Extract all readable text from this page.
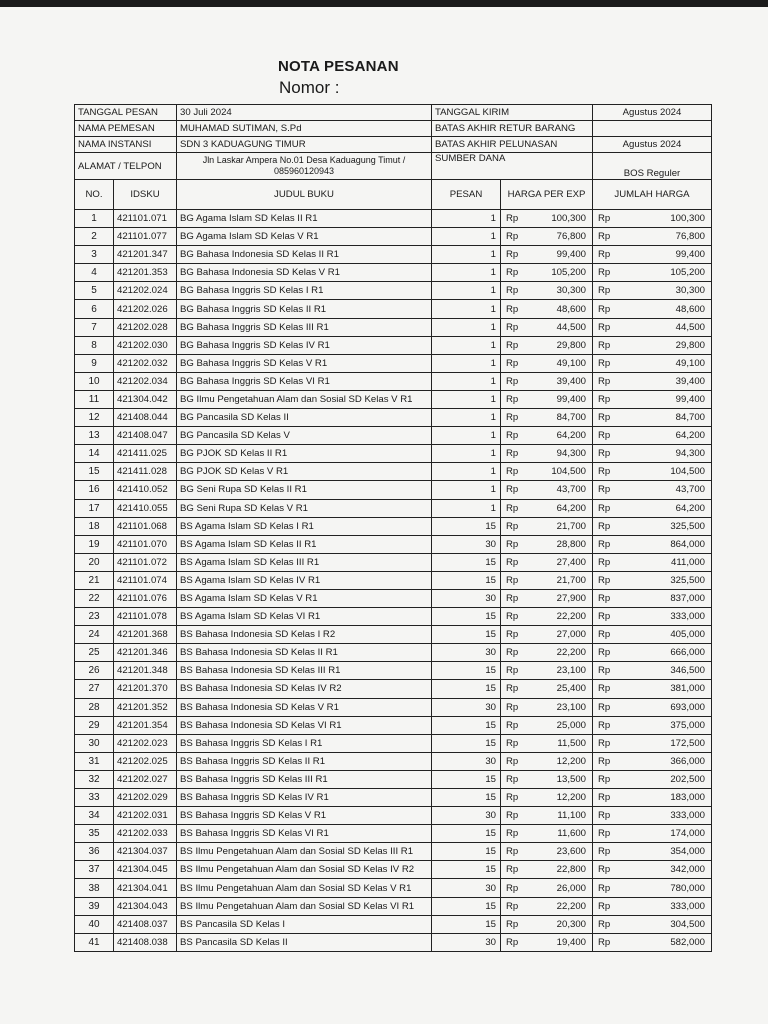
NOTA PESANAN
Nomor :
TANGGAL PESAN		30 Juli 2024	TANGGAL KIRIM			Agustus 2024	
NAMA PEMESAN		MUHAMAD SUTIMAN, S.Pd	BATAS AKHIR RETUR BARANG				
NAMA INSTANSI		SDN 3 KADUAGUNG TIMUR	BATAS AKHIR PELUNASAN			Agustus 2024	
ALAMAT / TELPON		Jln Laskar Ampera No.01 Desa Kaduagung Timut / 085960120943	SUMBER DANA			BOS Reguler	
NO.	IDSKU	JUDUL BUKU	PESAN	HARGA PER EXP		JUMLAH HARGA	
1	421101.071	BG Agama Islam SD Kelas II R1	1	Rp	100,300	Rp	100,300
2	421101.077	BG Agama Islam SD Kelas V R1	1	Rp	76,800	Rp	76,800
3	421201.347	BG Bahasa Indonesia SD Kelas II R1	1	Rp	99,400	Rp	99,400
4	421201.353	BG Bahasa Indonesia SD Kelas V R1	1	Rp	105,200	Rp	105,200
5	421202.024	BG Bahasa Inggris SD Kelas I R1	1	Rp	30,300	Rp	30,300
6	421202.026	BG Bahasa Inggris SD Kelas II R1	1	Rp	48,600	Rp	48,600
7	421202.028	BG Bahasa Inggris SD Kelas III R1	1	Rp	44,500	Rp	44,500
8	421202.030	BG Bahasa Inggris SD Kelas IV R1	1	Rp	29,800	Rp	29,800
9	421202.032	BG Bahasa Inggris SD Kelas V R1	1	Rp	49,100	Rp	49,100
10	421202.034	BG Bahasa Inggris SD Kelas VI R1	1	Rp	39,400	Rp	39,400
11	421304.042	BG Ilmu Pengetahuan Alam dan Sosial SD Kelas V R1	1	Rp	99,400	Rp	99,400
12	421408.044	BG Pancasila SD Kelas II	1	Rp	84,700	Rp	84,700
13	421408.047	BG Pancasila SD Kelas V	1	Rp	64,200	Rp	64,200
14	421411.025	BG PJOK SD Kelas II R1	1	Rp	94,300	Rp	94,300
15	421411.028	BG PJOK SD Kelas V R1	1	Rp	104,500	Rp	104,500
16	421410.052	BG Seni Rupa SD Kelas II R1	1	Rp	43,700	Rp	43,700
17	421410.055	BG Seni Rupa SD Kelas V R1	1	Rp	64,200	Rp	64,200
18	421101.068	BS Agama Islam SD Kelas I R1	15	Rp	21,700	Rp	325,500
19	421101.070	BS Agama Islam SD Kelas II R1	30	Rp	28,800	Rp	864,000
20	421101.072	BS Agama Islam SD Kelas III R1	15	Rp	27,400	Rp	411,000
21	421101.074	BS Agama Islam SD Kelas IV R1	15	Rp	21,700	Rp	325,500
22	421101.076	BS Agama Islam SD Kelas V R1	30	Rp	27,900	Rp	837,000
23	421101.078	BS Agama Islam SD Kelas VI R1	15	Rp	22,200	Rp	333,000
24	421201.368	BS Bahasa Indonesia SD Kelas I R2	15	Rp	27,000	Rp	405,000
25	421201.346	BS Bahasa Indonesia SD Kelas II R1	30	Rp	22,200	Rp	666,000
26	421201.348	BS Bahasa Indonesia SD Kelas III R1	15	Rp	23,100	Rp	346,500
27	421201.370	BS Bahasa Indonesia SD Kelas IV R2	15	Rp	25,400	Rp	381,000
28	421201.352	BS Bahasa Indonesia SD Kelas V R1	30	Rp	23,100	Rp	693,000
29	421201.354	BS Bahasa Indonesia SD Kelas VI R1	15	Rp	25,000	Rp	375,000
30	421202.023	BS Bahasa Inggris SD Kelas I R1	15	Rp	11,500	Rp	172,500
31	421202.025	BS Bahasa Inggris SD Kelas II R1	30	Rp	12,200	Rp	366,000
32	421202.027	BS Bahasa Inggris SD Kelas III R1	15	Rp	13,500	Rp	202,500
33	421202.029	BS Bahasa Inggris SD Kelas IV R1	15	Rp	12,200	Rp	183,000
34	421202.031	BS Bahasa Inggris SD Kelas V R1	30	Rp	11,100	Rp	333,000
35	421202.033	BS Bahasa Inggris SD Kelas VI R1	15	Rp	11,600	Rp	174,000
36	421304.037	BS Ilmu Pengetahuan Alam dan Sosial SD Kelas III R1	15	Rp	23,600	Rp	354,000
37	421304.045	BS Ilmu Pengetahuan Alam dan Sosial SD Kelas IV R2	15	Rp	22,800	Rp	342,000
38	421304.041	BS Ilmu Pengetahuan Alam dan Sosial SD Kelas V R1	30	Rp	26,000	Rp	780,000
39	421304.043	BS Ilmu Pengetahuan Alam dan Sosial SD Kelas VI R1	15	Rp	22,200	Rp	333,000
40	421408.037	BS Pancasila SD Kelas I	15	Rp	20,300	Rp	304,500
41	421408.038	BS Pancasila SD Kelas II	30	Rp	19,400	Rp	582,000
